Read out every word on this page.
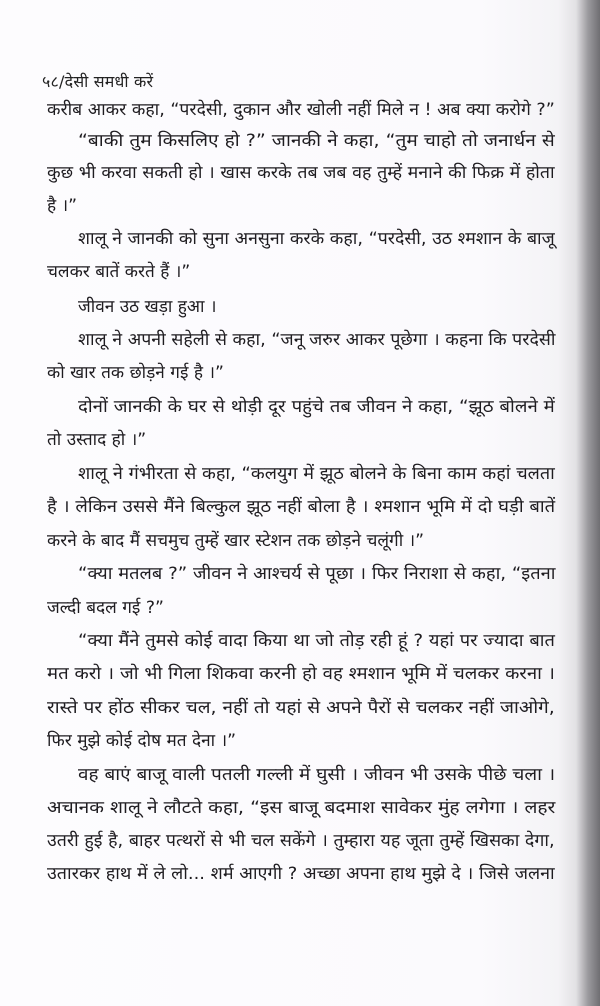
५८/देसी समधी करें
करीब आकर कहा, “परदेसी, दुकान और खोली नहीं मिले न ! अब क्या करोगे ?”
“बाकी तुम किसलिए हो ?” जानकी ने कहा, “तुम चाहो तो जनार्धन से
कुछ भी करवा सकती हो । खास करके तब जब वह तुम्हें मनाने की फिक्र में होता
है ।”
शालू ने जानकी को सुना अनसुना करके कहा, “परदेसी, उठ श्मशान के बाजू
चलकर बातें करते हैं ।”
जीवन उठ खड़ा हुआ ।
शालू ने अपनी सहेली से कहा, “जनू जरुर आकर पूछेगा । कहना कि परदेसी
को खार तक छोड़ने गई है ।”
दोनों जानकी के घर से थोड़ी दूर पहुंचे तब जीवन ने कहा, “झूठ बोलने में
तो उस्ताद हो ।”
शालू ने गंभीरता से कहा, “कलयुग में झूठ बोलने के बिना काम कहां चलता
है । लेकिन उससे मैंने बिल्कुल झूठ नहीं बोला है । श्मशान भूमि में दो घड़ी बातें
करने के बाद मैं सचमुच तुम्हें खार स्टेशन तक छोड़ने चलूंगी ।”
“क्या मतलब ?” जीवन ने आश्चर्य से पूछा । फिर निराशा से कहा, “इतना
जल्दी बदल गई ?”
“क्या मैंने तुमसे कोई वादा किया था जो तोड़ रही हूं ? यहां पर ज्यादा बात
मत करो । जो भी गिला शिकवा करनी हो वह श्मशान भूमि में चलकर करना ।
रास्ते पर होंठ सीकर चल, नहीं तो यहां से अपने पैरों से चलकर नहीं जाओगे,
फिर मुझे कोई दोष मत देना ।”
वह बाएं बाजू वाली पतली गल्ली में घुसी । जीवन भी उसके पीछे चला ।
अचानक शालू ने लौटते कहा, “इस बाजू बदमाश सावेकर मुंह लगेगा । लहर
उतरी हुई है, बाहर पत्थरों से भी चल सकेंगे । तुम्हारा यह जूता तुम्हें खिसका देगा,
उतारकर हाथ में ले लो... शर्म आएगी ? अच्छा अपना हाथ मुझे दे । जिसे जलना
